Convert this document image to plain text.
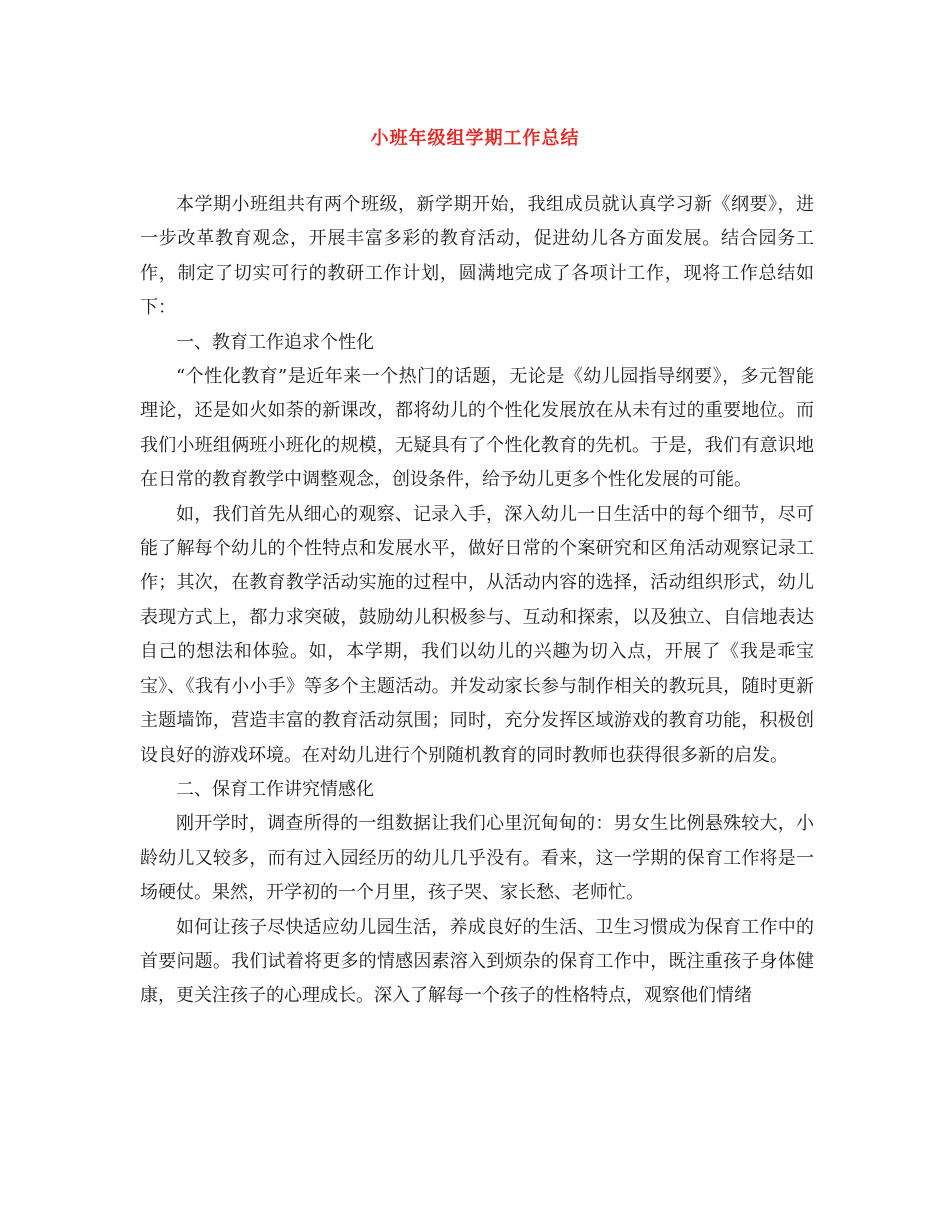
小班年级组学期工作总结

本学期小班组共有两个班级，新学期开始，我组成员就认真学习新《纲要》，进一步改革教育观念，开展丰富多彩的教育活动，促进幼儿各方面发展。结合园务工作，制定了切实可行的教研工作计划，圆满地完成了各项计工作，现将工作总结如下：

一、教育工作追求个性化

“个性化教育”是近年来一个热门的话题，无论是《幼儿园指导纲要》，多元智能理论，还是如火如荼的新课改，都将幼儿的个性化发展放在从未有过的重要地位。而我们小班组俩班小班化的规模，无疑具有了个性化教育的先机。于是，我们有意识地在日常的教育教学中调整观念，创设条件，给予幼儿更多个性化发展的可能。

如，我们首先从细心的观察、记录入手，深入幼儿一日生活中的每个细节，尽可能了解每个幼儿的个性特点和发展水平，做好日常的个案研究和区角活动观察记录工作；其次，在教育教学活动实施的过程中，从活动内容的选择，活动组织形式，幼儿表现方式上，都力求突破，鼓励幼儿积极参与、互动和探索，以及独立、自信地表达自己的想法和体验。如，本学期，我们以幼儿的兴趣为切入点，开展了《我是乖宝宝》、《我有小小手》等多个主题活动。并发动家长参与制作相关的教玩具，随时更新主题墙饰，营造丰富的教育活动氛围；同时，充分发挥区域游戏的教育功能，积极创设良好的游戏环境。在对幼儿进行个别随机教育的同时教师也获得很多新的启发。

二、保育工作讲究情感化

刚开学时，调查所得的一组数据让我们心里沉甸甸的：男女生比例悬殊较大，小龄幼儿又较多，而有过入园经历的幼儿几乎没有。看来，这一学期的保育工作将是一场硬仗。果然，开学初的一个月里，孩子哭、家长愁、老师忙。

如何让孩子尽快适应幼儿园生活，养成良好的生活、卫生习惯成为保育工作中的首要问题。我们试着将更多的情感因素溶入到烦杂的保育工作中，既注重孩子身体健康，更关注孩子的心理成长。深入了解每一个孩子的性格特点，观察他们情绪
